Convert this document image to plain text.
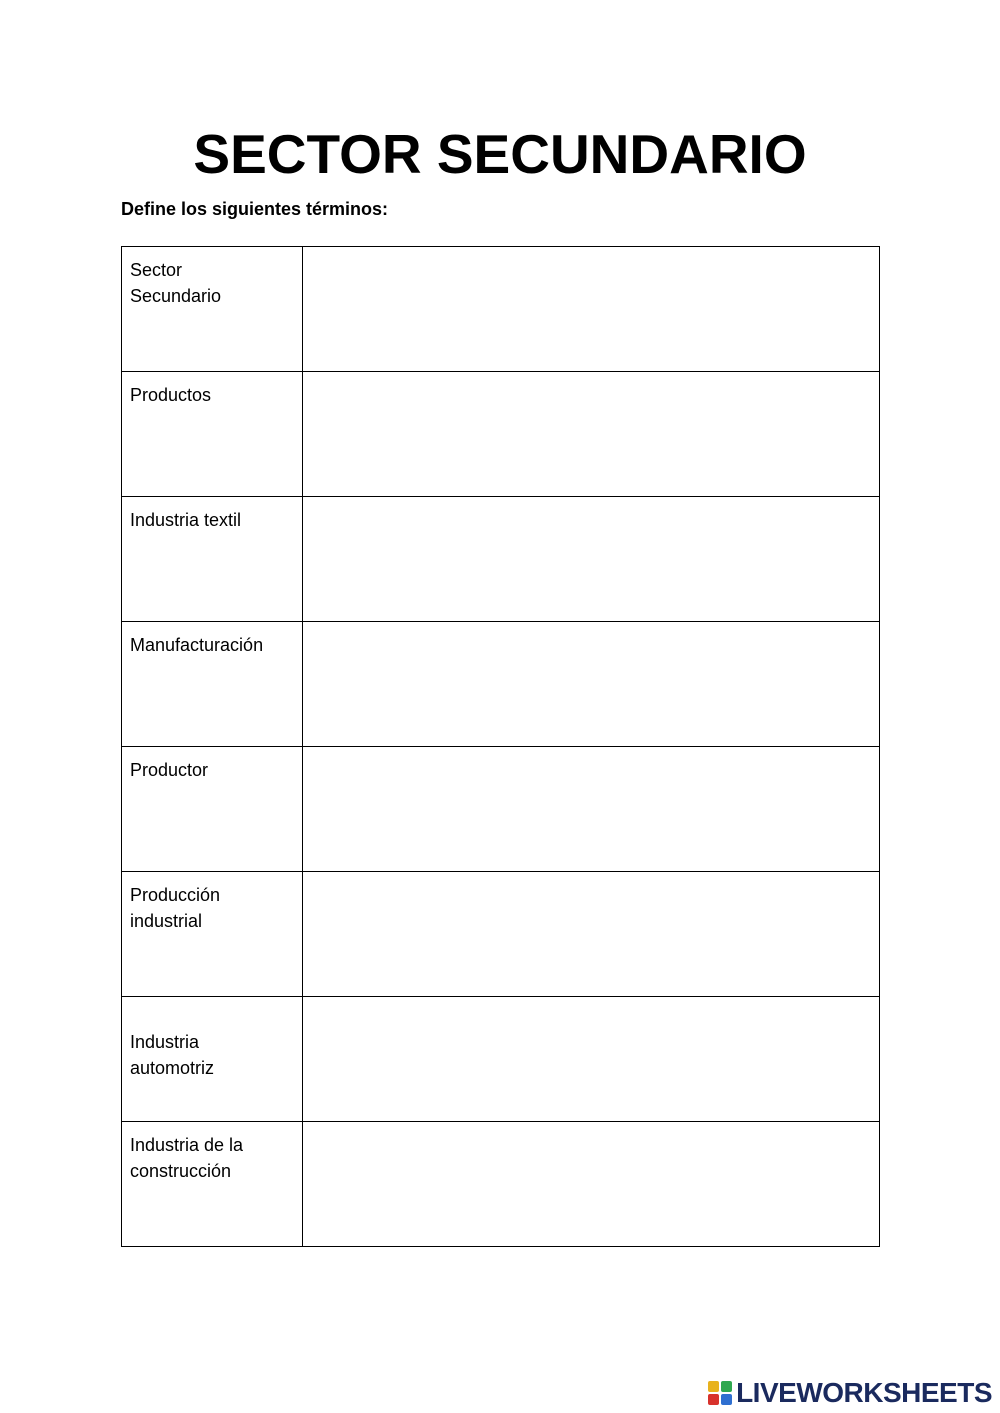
SECTOR SECUNDARIO
Define los siguientes términos:
Sector
Secundario	

Productos	

Industria textil	

Manufacturación	

Productor	

Producción
industrial	

Industria
automotriz	

Industria de la
construcción	

LIVEWORKSHEETS
